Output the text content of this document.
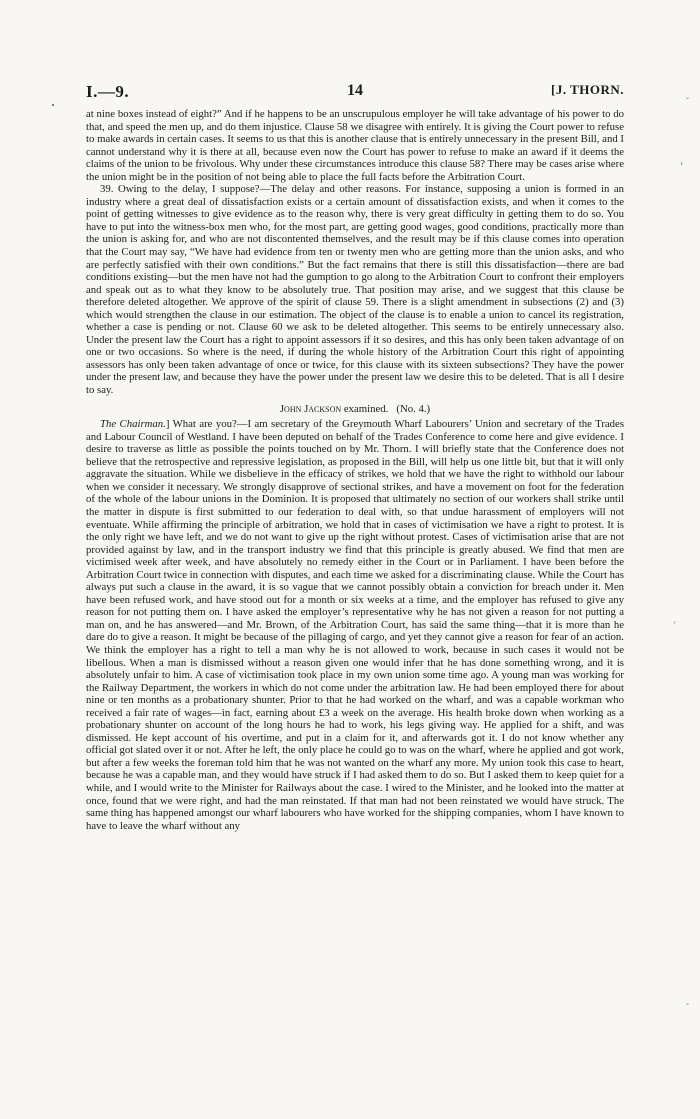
˘
›
'
˘
I.—9.	14	[J. THORN.

at nine boxes instead of eight?” And if he happens to be an unscrupulous employer he will take advantage of his power to do that, and speed the men up, and do them injustice. Clause 58 we disagree with entirely. It is giving the Court power to refuse to make awards in certain cases. It seems to us that this is another clause that is entirely unnecessary in the present Bill, and I cannot understand why it is there at all, because even now the Court has power to refuse to make an award if it deems the claims of the union to be frivolous. Why under these circumstances introduce this clause 58? There may be cases arise where the union might be in the position of not being able to place the full facts before the Arbitration Court.

39. Owing to the delay, I suppose?—The delay and other reasons. For instance, supposing a union is formed in an industry where a great deal of dissatisfaction exists or a certain amount of dissatisfaction exists, and when it comes to the point of getting witnesses to give evidence as to the reason why, there is very great difficulty in getting them to do so. You have to put into the witness-box men who, for the most part, are getting good wages, good conditions, practically more than the union is asking for, and who are not discontented themselves, and the result may be if this clause comes into operation that the Court may say, “We have had evidence from ten or twenty men who are getting more than the union asks, and who are perfectly satisfied with their own conditions.” But the fact remains that there is still this dissatisfaction—there are bad conditions existing—but the men have not had the gumption to go along to the Arbitration Court to confront their employers and speak out as to what they know to be absolutely true. That position may arise, and we suggest that this clause be therefore deleted altogether. We approve of the spirit of clause 59. There is a slight amendment in subsections (2) and (3) which would strengthen the clause in our estimation. The object of the clause is to enable a union to cancel its registration, whether a case is pending or not. Clause 60 we ask to be deleted altogether. This seems to be entirely unnecessary also. Under the present law the Court has a right to appoint assessors if it so desires, and this has only been taken advantage of on one or two occasions. So where is the need, if during the whole history of the Arbitration Court this right of appointing assessors has only been taken advantage of once or twice, for this clause with its sixteen subsections? They have the power under the present law, and because they have the power under the present law we desire this to be deleted. That is all I desire to say.

John Jackson examined.   (No. 4.)

The Chairman.] What are you?—I am secretary of the Greymouth Wharf Labourers’ Union and secretary of the Trades and Labour Council of Westland. I have been deputed on behalf of the Trades Conference to come here and give evidence. I desire to traverse as little as possible the points touched on by Mr. Thorn. I will briefly state that the Conference does not believe that the retrospective and repressive legislation, as proposed in the Bill, will help us one little bit, but that it will only aggravate the situation. While we disbelieve in the efficacy of strikes, we hold that we have the right to withhold our labour when we consider it necessary. We strongly disapprove of sectional strikes, and have a movement on foot for the federation of the whole of the labour unions in the Dominion. It is proposed that ultimately no section of our workers shall strike until the matter in dispute is first submitted to our federation to deal with, so that undue harassment of employers will not eventuate. While affirming the principle of arbitration, we hold that in cases of victimisation we have a right to protest. It is the only right we have left, and we do not want to give up the right without protest. Cases of victimisation arise that are not provided against by law, and in the transport industry we find that this principle is greatly abused. We find that men are victimised week after week, and have absolutely no remedy either in the Court or in Parliament. I have been before the Arbitration Court twice in connection with disputes, and each time we asked for a discriminating clause. While the Court has always put such a clause in the award, it is so vague that we cannot possibly obtain a conviction for breach under it. Men have been refused work, and have stood out for a month or six weeks at a time, and the employer has refused to give any reason for not putting them on. I have asked the employer’s representative why he has not given a reason for not putting a man on, and he has answered—and Mr. Brown, of the Arbitration Court, has said the same thing—that it is more than he dare do to give a reason. It might be because of the pillaging of cargo, and yet they cannot give a reason for fear of an action. We think the employer has a right to tell a man why he is not allowed to work, because in such cases it would not be libellous. When a man is dismissed without a reason given one would infer that he has done something wrong, and it is absolutely unfair to him. A case of victimisation took place in my own union some time ago. A young man was working for the Railway Department, the workers in which do not come under the arbitration law. He had been employed there for about nine or ten months as a probationary shunter. Prior to that he had worked on the wharf, and was a capable workman who received a fair rate of wages—in fact, earning about £3 a week on the average. His health broke down when working as a probationary shunter on account of the long hours he had to work, his legs giving way. He applied for a shift, and was dismissed. He kept account of his overtime, and put in a claim for it, and afterwards got it. I do not know whether any official got slated over it or not. After he left, the only place he could go to was on the wharf, where he applied and got work, but after a few weeks the foreman told him that he was not wanted on the wharf any more. My union took this case to heart, because he was a capable man, and they would have struck if I had asked them to do so. But I asked them to keep quiet for a while, and I would write to the Minister for Railways about the case. I wired to the Minister, and he looked into the matter at once, found that we were right, and had the man reinstated. If that man had not been reinstated we would have struck. The same thing has happened amongst our wharf labourers who have worked for the shipping companies, whom I have known to have to leave the wharf without any
